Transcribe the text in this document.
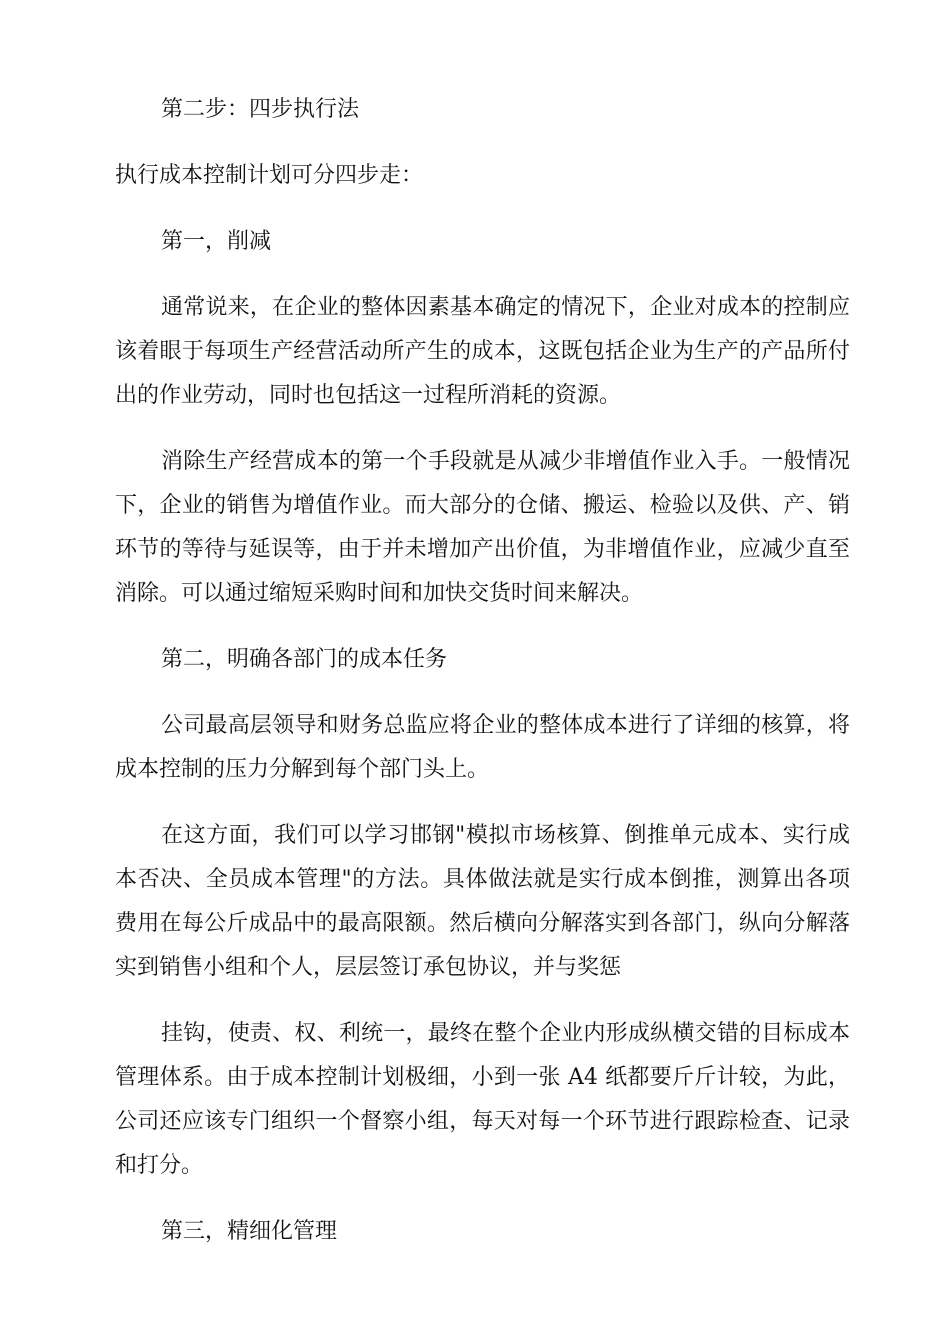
第二步：四步执行法

执行成本控制计划可分四步走：

第一，削减

通常说来，在企业的整体因素基本确定的情况下，企业对成本的控制应该着眼于每项生产经营活动所产生的成本，这既包括企业为生产的产品所付出的作业劳动，同时也包括这一过程所消耗的资源。

消除生产经营成本的第一个手段就是从减少非增值作业入手。一般情况下，企业的销售为增值作业。而大部分的仓储、搬运、检验以及供、产、销环节的等待与延误等，由于并未增加产出价值，为非增值作业，应减少直至消除。可以通过缩短采购时间和加快交货时间来解决。

第二，明确各部门的成本任务

公司最高层领导和财务总监应将企业的整体成本进行了详细的核算，将成本控制的压力分解到每个部门头上。

在这方面，我们可以学习邯钢"模拟市场核算、倒推单元成本、实行成本否决、全员成本管理"的方法。具体做法就是实行成本倒推，测算出各项费用在每公斤成品中的最高限额。然后横向分解落实到各部门，纵向分解落实到销售小组和个人，层层签订承包协议，并与奖惩

挂钩，使责、权、利统一，最终在整个企业内形成纵横交错的目标成本管理体系。由于成本控制计划极细，小到一张 A4 纸都要斤斤计较，为此，公司还应该专门组织一个督察小组，每天对每一个环节进行跟踪检查、记录和打分。

第三，精细化管理
